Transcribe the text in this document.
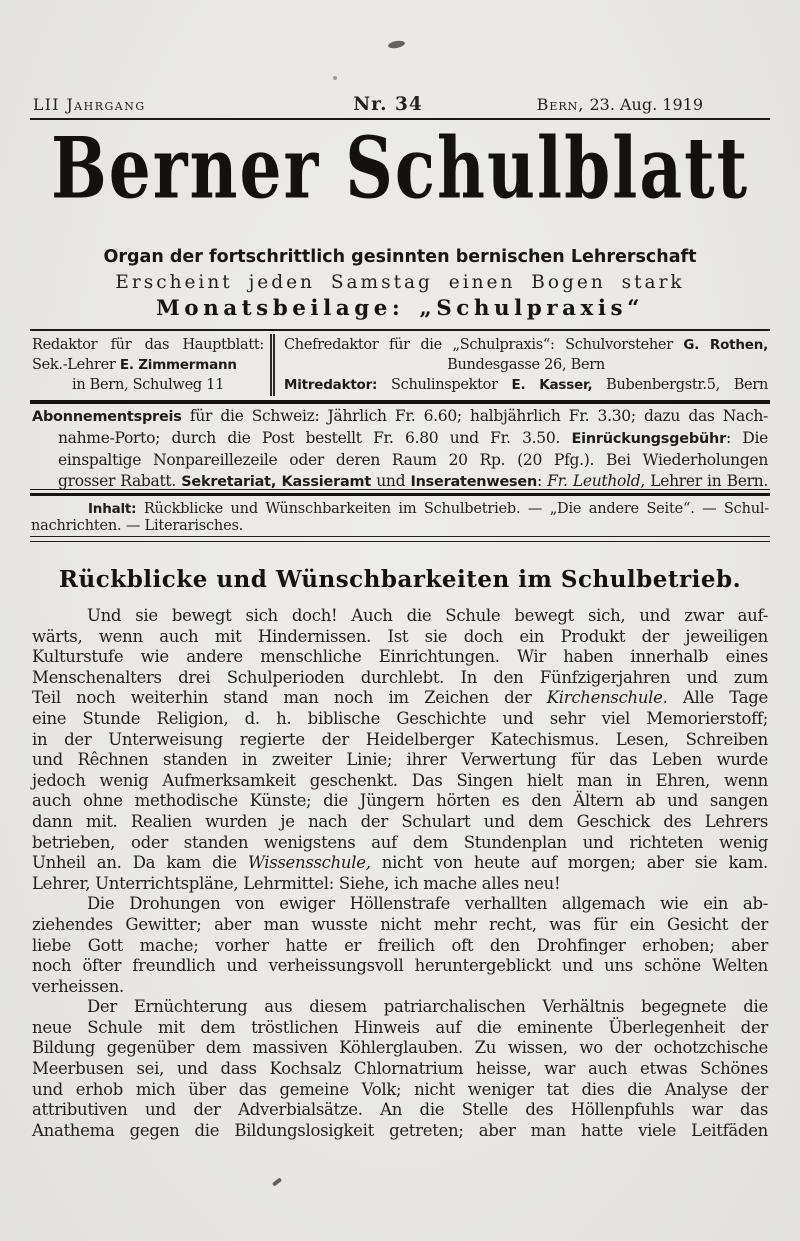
LII Jahrgang	Nr. 34	Bern, 23. Aug. 1919
Berner Schulblatt
Organ der fortschrittlich gesinnten bernischen Lehrerschaft
Erscheint jeden Samstag einen Bogen stark
Monatsbeilage: „Schulpraxis“
Redaktor für das Hauptblatt:
Sek.-Lehrer E. Zimmermann
in Bern, Schulweg 11
Chefredaktor für die „Schulpraxis“: Schulvorsteher G. Rothen,
Bundesgasse 26, Bern
Mitredaktor: Schulinspektor E. Kasser, Bubenbergstr.5, Bern
Abonnementspreis für die Schweiz: Jährlich Fr. 6.60; halbjährlich Fr. 3.30; dazu das Nach-
nahme-Porto; durch die Post bestellt Fr. 6.80 und Fr. 3.50. Einrückungsgebühr: Die
einspaltige Nonpareillezeile oder deren Raum 20 Rp. (20 Pfg.). Bei Wiederholungen
grosser Rabatt. Sekretariat, Kassieramt und Inseratenwesen: Fr. Leuthold, Lehrer in Bern.
Inhalt: Rückblicke und Wünschbarkeiten im Schulbetrieb. — „Die andere Seite“. — Schul-
nachrichten. — Literarisches.
Rückblicke und Wünschbarkeiten im Schulbetrieb.
Und sie bewegt sich doch! Auch die Schule bewegt sich, und zwar auf-
wärts, wenn auch mit Hindernissen. Ist sie doch ein Produkt der jeweiligen
Kulturstufe wie andere menschliche Einrichtungen. Wir haben innerhalb eines
Menschenalters drei Schulperioden durchlebt. In den Fünfzigerjahren und zum
Teil noch weiterhin stand man noch im Zeichen der Kirchenschule. Alle Tage
eine Stunde Religion, d. h. biblische Geschichte und sehr viel Memorierstoff;
in der Unterweisung regierte der Heidelberger Katechismus. Lesen, Schreiben
und Rêchnen standen in zweiter Linie; ihrer Verwertung für das Leben wurde
jedoch wenig Aufmerksamkeit geschenkt. Das Singen hielt man in Ehren, wenn
auch ohne methodische Künste; die Jüngern hörten es den Ältern ab und sangen
dann mit. Realien wurden je nach der Schulart und dem Geschick des Lehrers
betrieben, oder standen wenigstens auf dem Stundenplan und richteten wenig
Unheil an. Da kam die Wissensschule, nicht von heute auf morgen; aber sie kam.
Lehrer, Unterrichtspläne, Lehrmittel: Siehe, ich mache alles neu!
Die Drohungen von ewiger Höllenstrafe verhallten allgemach wie ein ab-
ziehendes Gewitter; aber man wusste nicht mehr recht, was für ein Gesicht der
liebe Gott mache; vorher hatte er freilich oft den Drohfinger erhoben; aber
noch öfter freundlich und verheissungsvoll heruntergeblickt und uns schöne Welten
verheissen.
Der Ernüchterung aus diesem patriarchalischen Verhältnis begegnete die
neue Schule mit dem tröstlichen Hinweis auf die eminente Überlegenheit der
Bildung gegenüber dem massiven Köhlerglauben. Zu wissen, wo der ochotzchische
Meerbusen sei, und dass Kochsalz Chlornatrium heisse, war auch etwas Schönes
und erhob mich über das gemeine Volk; nicht weniger tat dies die Analyse der
attributiven und der Adverbialsätze. An die Stelle des Höllenpfuhls war das
Anathema gegen die Bildungslosigkeit getreten; aber man hatte viele Leitfäden
